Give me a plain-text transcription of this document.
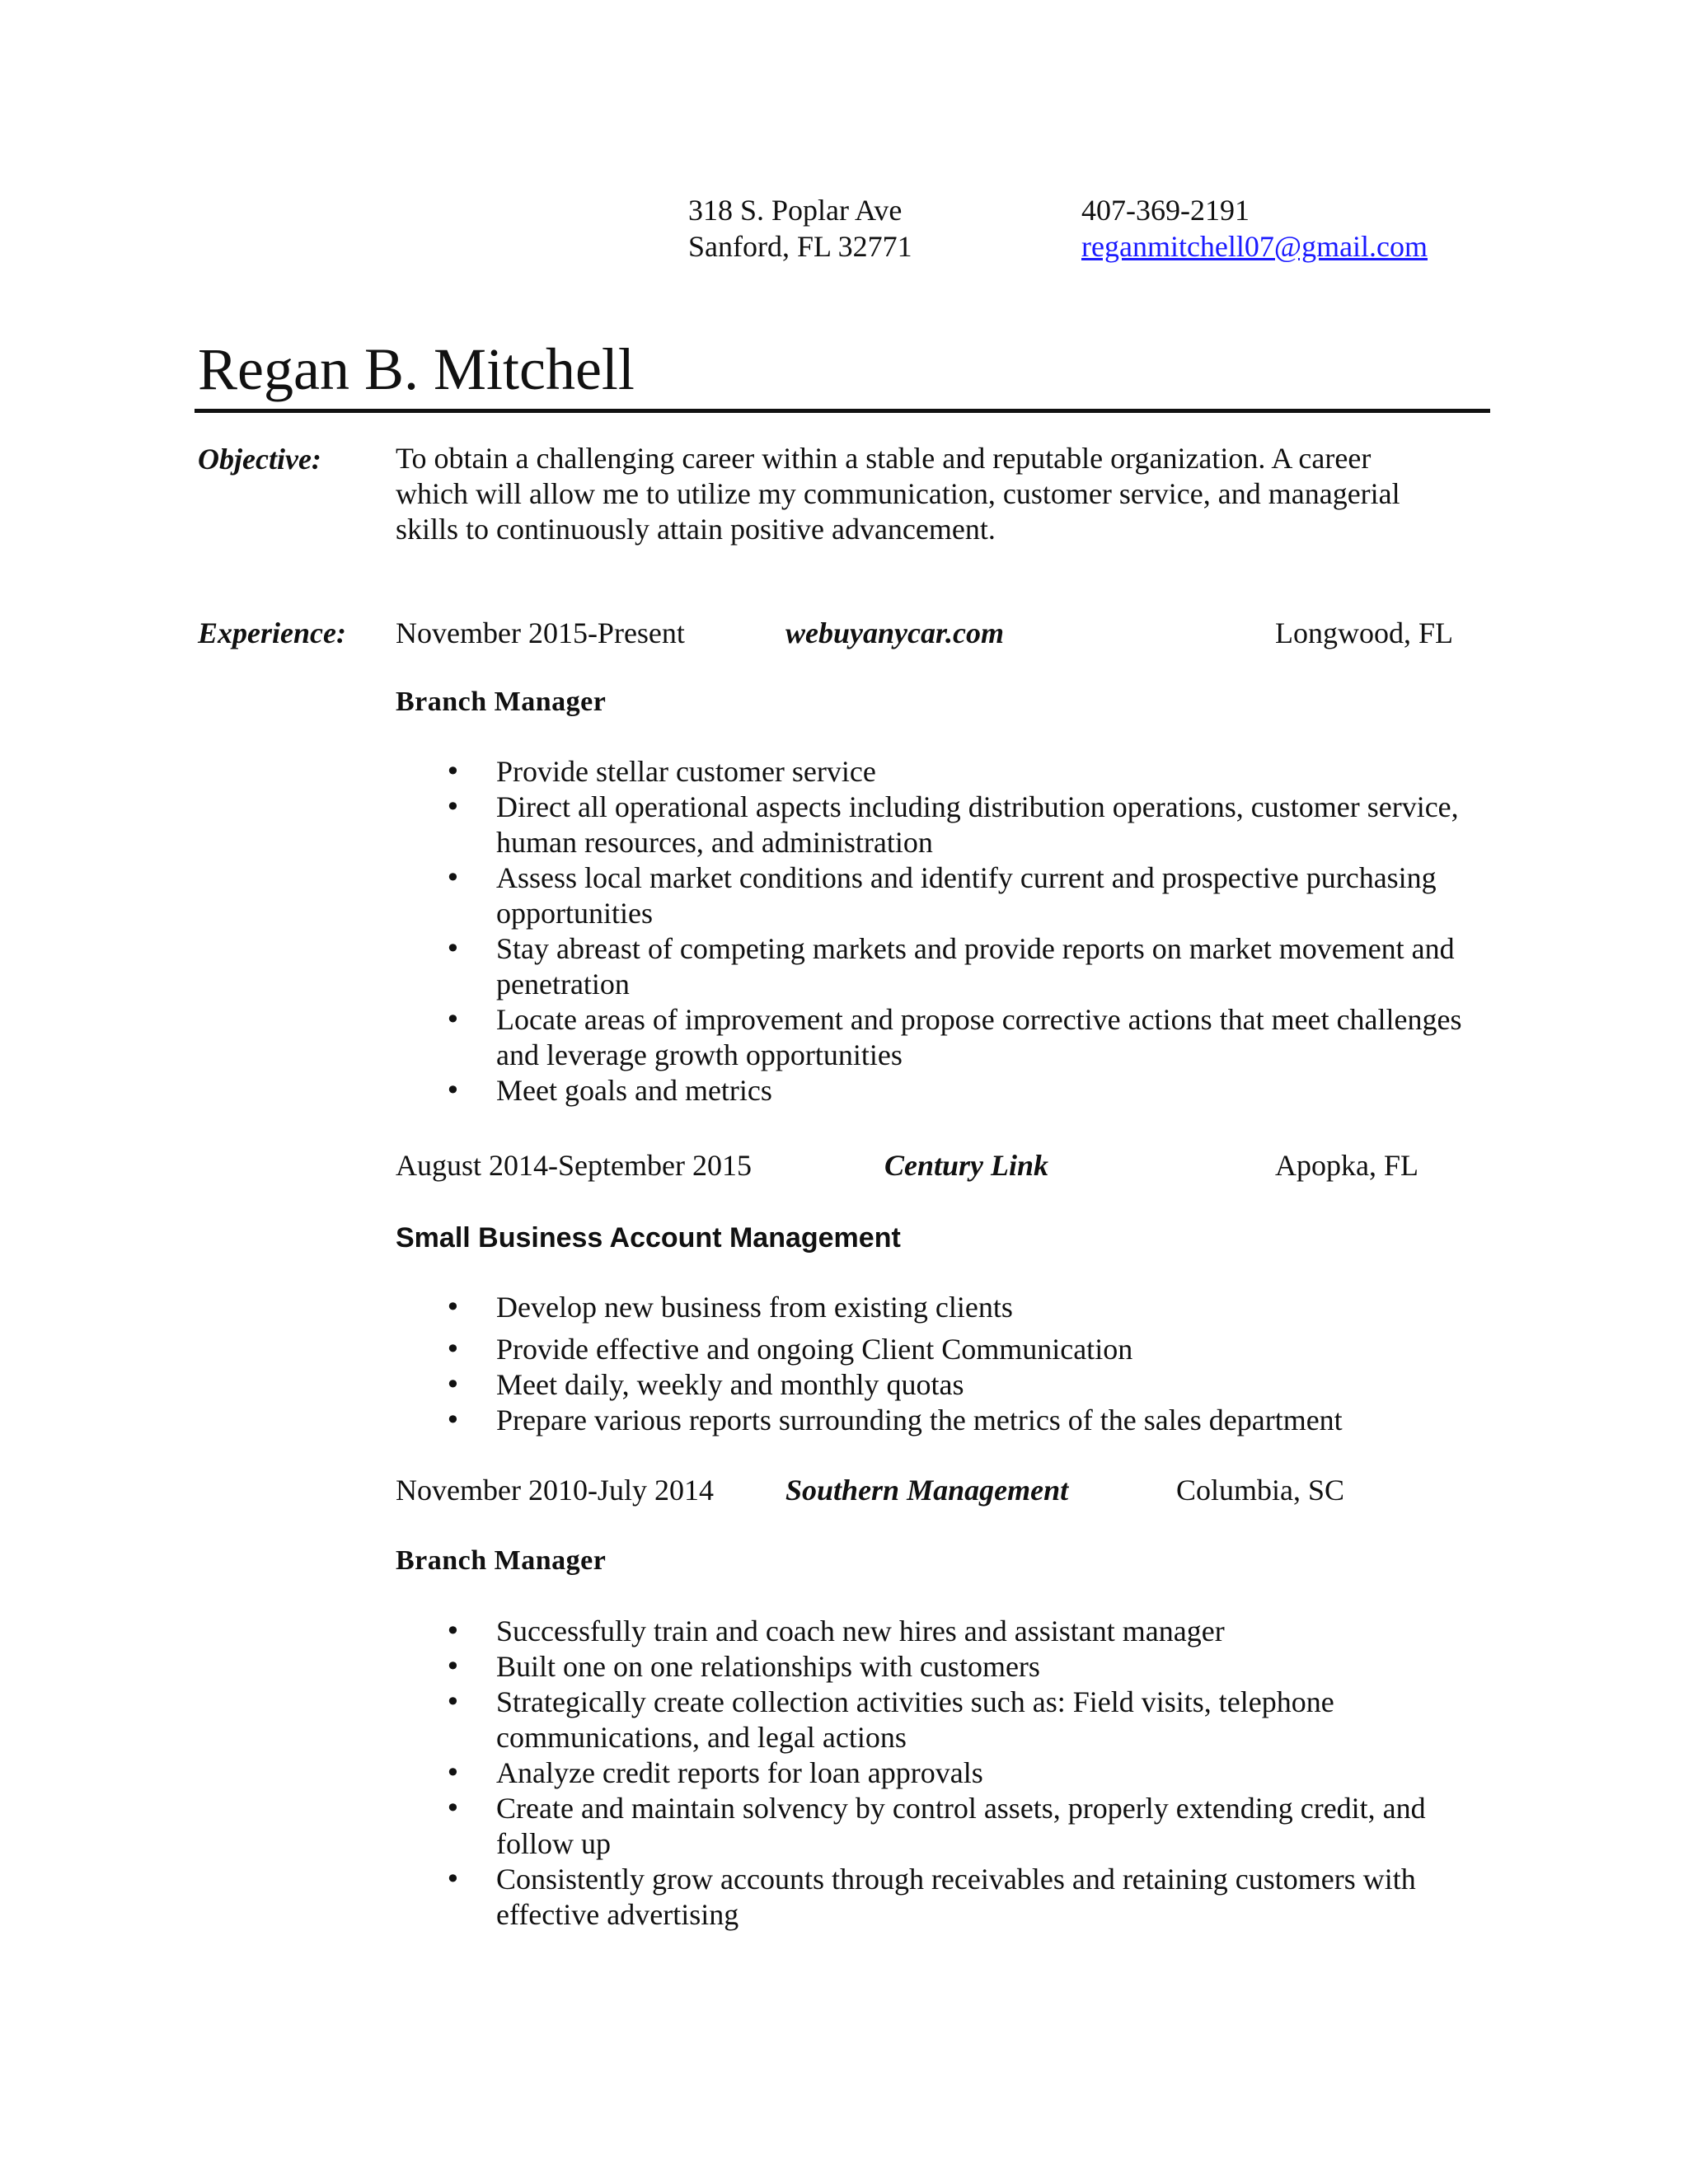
318 S. Poplar Ave
Sanford, FL 32771
407-369-2191
reganmitchell07@gmail.com
Regan B. Mitchell
Objective:	To obtain a challenging career within a stable and reputable organization. A career
which will allow me to utilize my communication, customer service, and managerial
skills to continuously attain positive advancement.
Experience: November 2015-Present	webuyanycar.com	Longwood, FL
Branch Manager
• Provide stellar customer service
• Direct all operational aspects including distribution operations, customer service,
human resources, and administration
• Assess local market conditions and identify current and prospective purchasing
opportunities
• Stay abreast of competing markets and provide reports on market movement and
penetration
• Locate areas of improvement and propose corrective actions that meet challenges
and leverage growth opportunities
• Meet goals and metrics
August 2014-September 2015	Century Link	Apopka, FL
Small Business Account Management
• Develop new business from existing clients
• Provide effective and ongoing Client Communication
• Meet daily, weekly and monthly quotas
• Prepare various reports surrounding the metrics of the sales department
November 2010-July 2014 Southern Management	Columbia, SC
Branch Manager
• Successfully train and coach new hires and assistant manager
• Built one on one relationships with customers
• Strategically create collection activities such as: Field visits, telephone
communications, and legal actions
• Analyze credit reports for loan approvals
• Create and maintain solvency by control assets, properly extending credit, and
follow up
• Consistently grow accounts through receivables and retaining customers with
effective advertising
